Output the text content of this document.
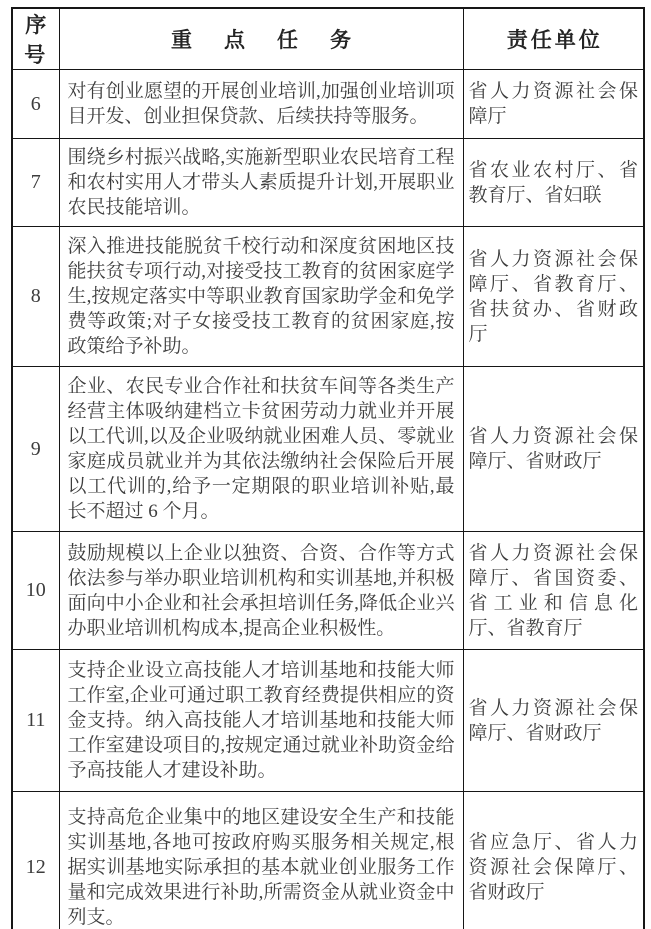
序号	重点任务	责任单位
6	对有创业愿望的开展创业培训,加强创业培训项目开发、创业担保贷款、后续扶持等服务。	省人力资源社会保障厅

7	围绕乡村振兴战略,实施新型职业农民培育工程和农村实用人才带头人素质提升计划,开展职业农民技能培训。	省农业农村厅、省教育厅、省妇联

8	深入推进技能脱贫千校行动和深度贫困地区技能扶贫专项行动,对接受技工教育的贫困家庭学生,按规定落实中等职业教育国家助学金和免学费等政策;对子女接受技工教育的贫困家庭,按政策给予补助。	省人力资源社会保障厅、省教育厅、省扶贫办、省财政厅

9	企业、农民专业合作社和扶贫车间等各类生产经营主体吸纳建档立卡贫困劳动力就业并开展以工代训,以及企业吸纳就业困难人员、零就业家庭成员就业并为其依法缴纳社会保险后开展以工代训的,给予一定期限的职业培训补贴,最长不超过 6 个月。	省人力资源社会保障厅、省财政厅

10	鼓励规模以上企业以独资、合资、合作等方式依法参与举办职业培训机构和实训基地,并积极面向中小企业和社会承担培训任务,降低企业兴办职业培训机构成本,提高企业积极性。	省人力资源社会保障厅、省国资委、省工业和信息化厅、省教育厅

11	支持企业设立高技能人才培训基地和技能大师工作室,企业可通过职工教育经费提供相应的资金支持。纳入高技能人才培训基地和技能大师工作室建设项目的,按规定通过就业补助资金给予高技能人才建设补助。	省人力资源社会保障厅、省财政厅

12	支持高危企业集中的地区建设安全生产和技能实训基地,各地可按政府购买服务相关规定,根据实训基地实际承担的基本就业创业服务工作量和完成效果进行补助,所需资金从就业资金中列支。	省应急厅、省人力资源社会保障厅、省财政厅
